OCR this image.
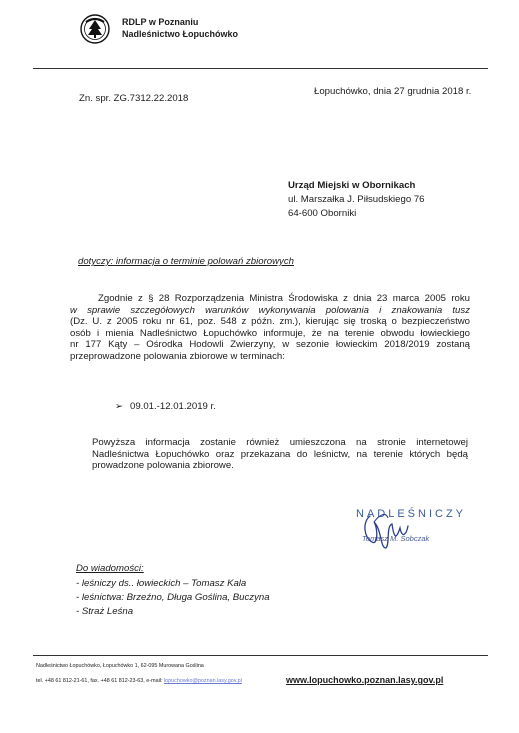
RDLP w Poznaniu
Nadleśnictwo Łopuchówko
Zn. spr. ZG.7312.22.2018
Łopuchówko, dnia 27 grudnia 2018 r.
Urząd Miejski w Obornikach
ul. Marszałka J. Piłsudskiego 76
64-600 Oborniki
dotyczy: informacja o terminie polowań zbiorowych
Zgodnie z § 28 Rozporządzenia Ministra Środowiska z dnia 23 marca 2005 roku
w sprawie szczegółowych warunków wykonywania polowania i znakowania tusz
(Dz. U. z 2005 roku nr 61, poz. 548 z późn. zm.), kierując się troską o bezpieczeństwo
osób i mienia Nadleśnictwo Łopuchówko informuje, że na terenie obwodu łowieckiego
nr 177 Kąty – Ośrodka Hodowli Zwierzyny, w sezonie łowieckim 2018/2019 zostaną
przeprowadzone polowania zbiorowe w terminach:
➢ 09.01.-12.01.2019 r.
Powyższa informacja zostanie również umieszczona na stronie internetowej
Nadleśnictwa Łopuchówko oraz przekazana do leśnictw, na terenie których będą
prowadzone polowania zbiorowe.
NADLEŚNICZY
Tomasz M. Sobczak
Do wiadomości:
- leśniczy ds.. łowieckich – Tomasz Kala
- leśnictwa: Brzeźno, Długa Goślina, Buczyna
- Straż Leśna
Nadleśnictwo Łopuchówko, Łopuchówko 1, 62-095 Murowana Goślina
tel. +48 61 812-21-61, fax. +48 61 812-23-63, e-mail: lopuchowko@poznan.lasy.gov.pl	www.lopuchowko.poznan.lasy.gov.pl
